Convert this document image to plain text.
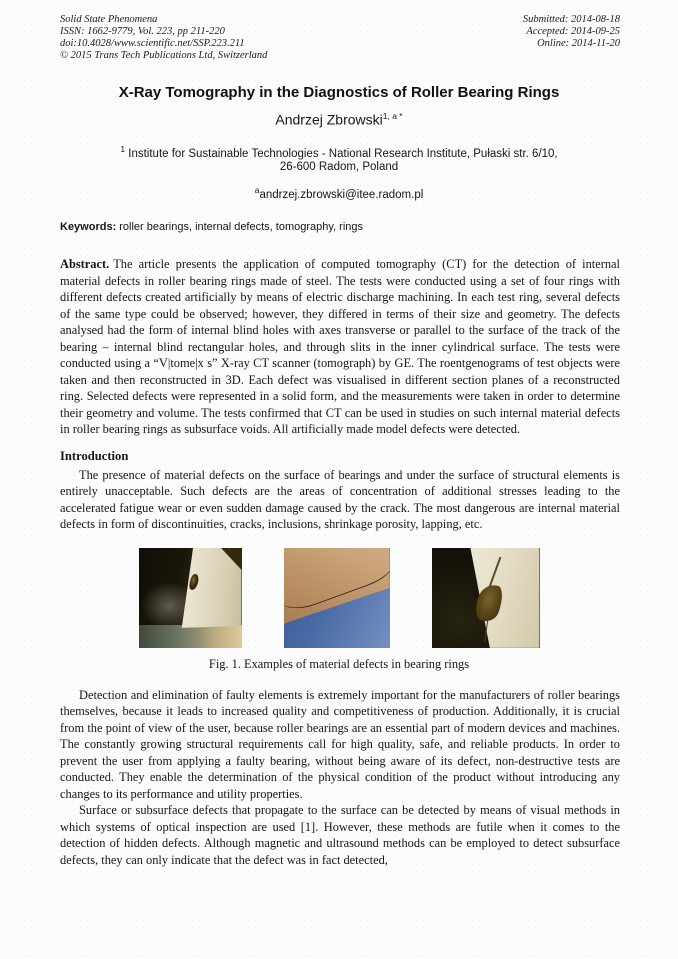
Solid State Phenomena
ISSN: 1662-9779, Vol. 223, pp 211-220
doi:10.4028/www.scientific.net/SSP.223.211
© 2015 Trans Tech Publications Ltd, Switzerland
Submitted: 2014-08-18
Accepted: 2014-09-25
Online: 2014-11-20
X-Ray Tomography in the Diagnostics of Roller Bearing Rings
Andrzej Zbrowski$^{1, a *}$
$^1$ Institute for Sustainable Technologies - National Research Institute, Pułaski str. 6/10,
26-600 Radom, Poland
$^a$andrzej.zbrowski@itee.radom.pl
Keywords: roller bearings, internal defects, tomography, rings

Abstract. The article presents the application of computed tomography (CT) for the detection of internal material defects in roller bearing rings made of steel. The tests were conducted using a set of four rings with different defects created artificially by means of electric discharge machining. In each test ring, several defects of the same type could be observed; however, they differed in terms of their size and geometry. The defects analysed had the form of internal blind holes with axes transverse or parallel to the surface of the track of the bearing – internal blind rectangular holes, and through slits in the inner cylindrical surface. The tests were conducted using a “V|tome|x s” X-ray CT scanner (tomograph) by GE. The roentgenograms of test objects were taken and then reconstructed in 3D. Each defect was visualised in different section planes of a reconstructed ring. Selected defects were represented in a solid form, and the measurements were taken in order to determine their geometry and volume. The tests confirmed that CT can be used in studies on such internal material defects in roller bearing rings as subsurface voids. All artificially made model defects were detected.

Introduction

The presence of material defects on the surface of bearings and under the surface of structural elements is entirely unacceptable. Such defects are the areas of concentration of additional stresses leading to the accelerated fatigue wear or even sudden damage caused by the crack. The most dangerous are internal material defects in form of discontinuities, cracks, inclusions, shrinkage porosity, lapping, etc.

Fig. 1. Examples of material defects in bearing rings

Detection and elimination of faulty elements is extremely important for the manufacturers of roller bearings themselves, because it leads to increased quality and competitiveness of production. Additionally, it is crucial from the point of view of the user, because roller bearings are an essential part of modern devices and machines. The constantly growing structural requirements call for high quality, safe, and reliable products. In order to prevent the user from applying a faulty bearing, without being aware of its defect, non-destructive tests are conducted. They enable the determination of the physical condition of the product without introducing any changes to its performance and utility properties.

Surface or subsurface defects that propagate to the surface can be detected by means of visual methods in which systems of optical inspection are used [1]. However, these methods are futile when it comes to the detection of hidden defects. Although magnetic and ultrasound methods can be employed to detect subsurface defects, they can only indicate that the defect was in fact detected,
